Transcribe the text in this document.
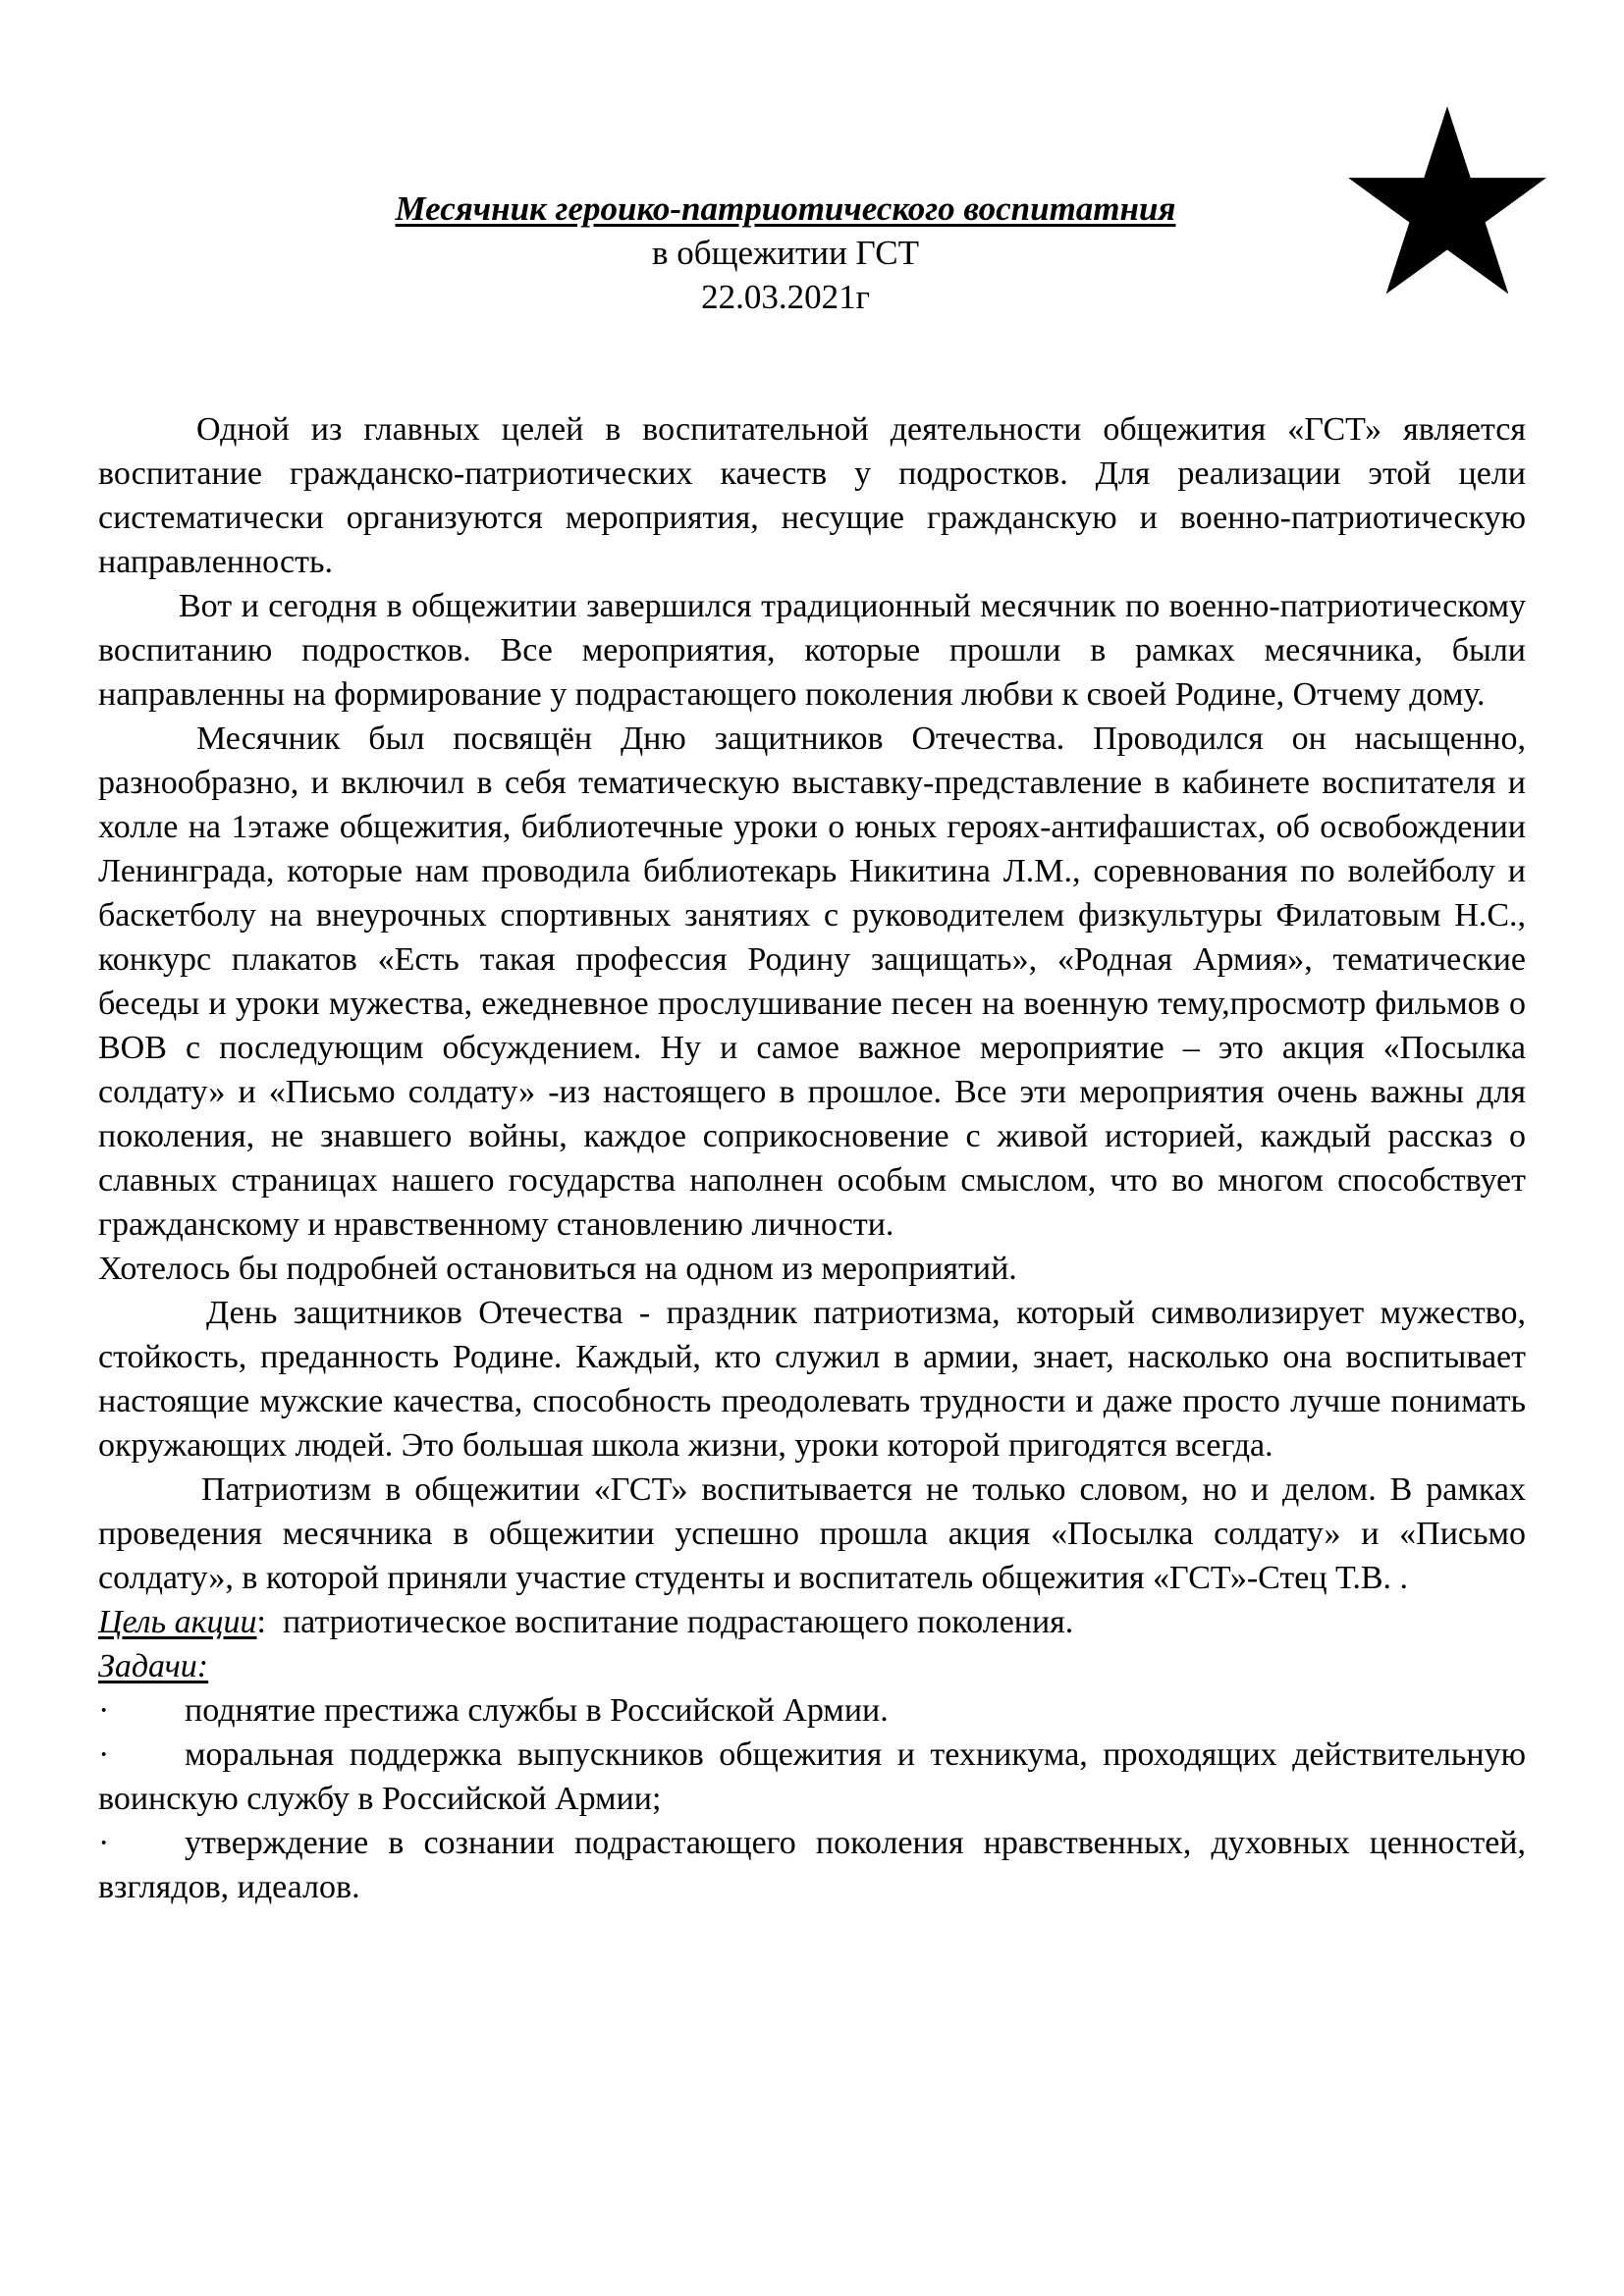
Месячник героико-патриотического воспитатния
в общежитии ГСТ
22.03.2021г

Одной из главных целей в воспитательной деятельности общежития «ГСТ» является воспитание гражданско-патриотических качеств у подростков. Для реализации этой цели систематически организуются мероприятия, несущие гражданскую и военно-патриотическую направленность.

Вот и сегодня в общежитии завершился традиционный месячник по военно-патриотическому воспитанию подростков. Все мероприятия, которые прошли в рамках месячника, были направленны на формирование у подрастающего поколения любви к своей Родине, Отчему дому.

Месячник был посвящён Дню защитников Отечества. Проводился он насыщенно, разнообразно, и включил в себя тематическую выставку-представление в кабинете воспитателя и холле на 1этаже общежития, библиотечные уроки о юных героях-антифашистах, об освобождении Ленинграда, которые нам проводила библиотекарь Никитина Л.М., соревнования по волейболу и баскетболу на внеурочных спортивных занятиях с руководителем физкультуры Филатовым Н.С., конкурс плакатов «Есть такая профессия Родину защищать», «Родная Армия», тематические беседы и уроки мужества, ежедневное прослушивание песен на военную тему,просмотр фильмов о ВОВ с последующим обсуждением. Ну и самое важное мероприятие – это акция «Посылка солдату» и «Письмо солдату» -из настоящего в прошлое. Все эти мероприятия очень важны для поколения, не знавшего войны, каждое соприкосновение с живой историей, каждый рассказ о славных страницах нашего государства наполнен особым смыслом, что во многом способствует гражданскому и нравственному становлению личности.

Хотелось бы подробней остановиться на одном из мероприятий.

День защитников Отечества - праздник патриотизма, который символизирует мужество, стойкость, преданность Родине. Каждый, кто служил в армии, знает, насколько она воспитывает настоящие мужские качества, способность преодолевать трудности и даже просто лучше понимать окружающих людей. Это большая школа жизни, уроки которой пригодятся всегда.

Патриотизм в общежитии «ГСТ» воспитывается не только словом, но и делом. В рамках проведения месячника в общежитии успешно прошла акция «Посылка солдату» и «Письмо солдату», в которой приняли участие студенты и воспитатель общежития «ГСТ»-Стец Т.В. .

Цель акции:  патриотическое воспитание подрастающего поколения.

Задачи:

·	поднятие престижа службы в Российской Армии.
· моральная поддержка выпускников общежития и техникума, проходящих действительную воинскую службу в Российской Армии;
· утверждение в сознании подрастающего поколения нравственных, духовных ценностей, взглядов, идеалов.
